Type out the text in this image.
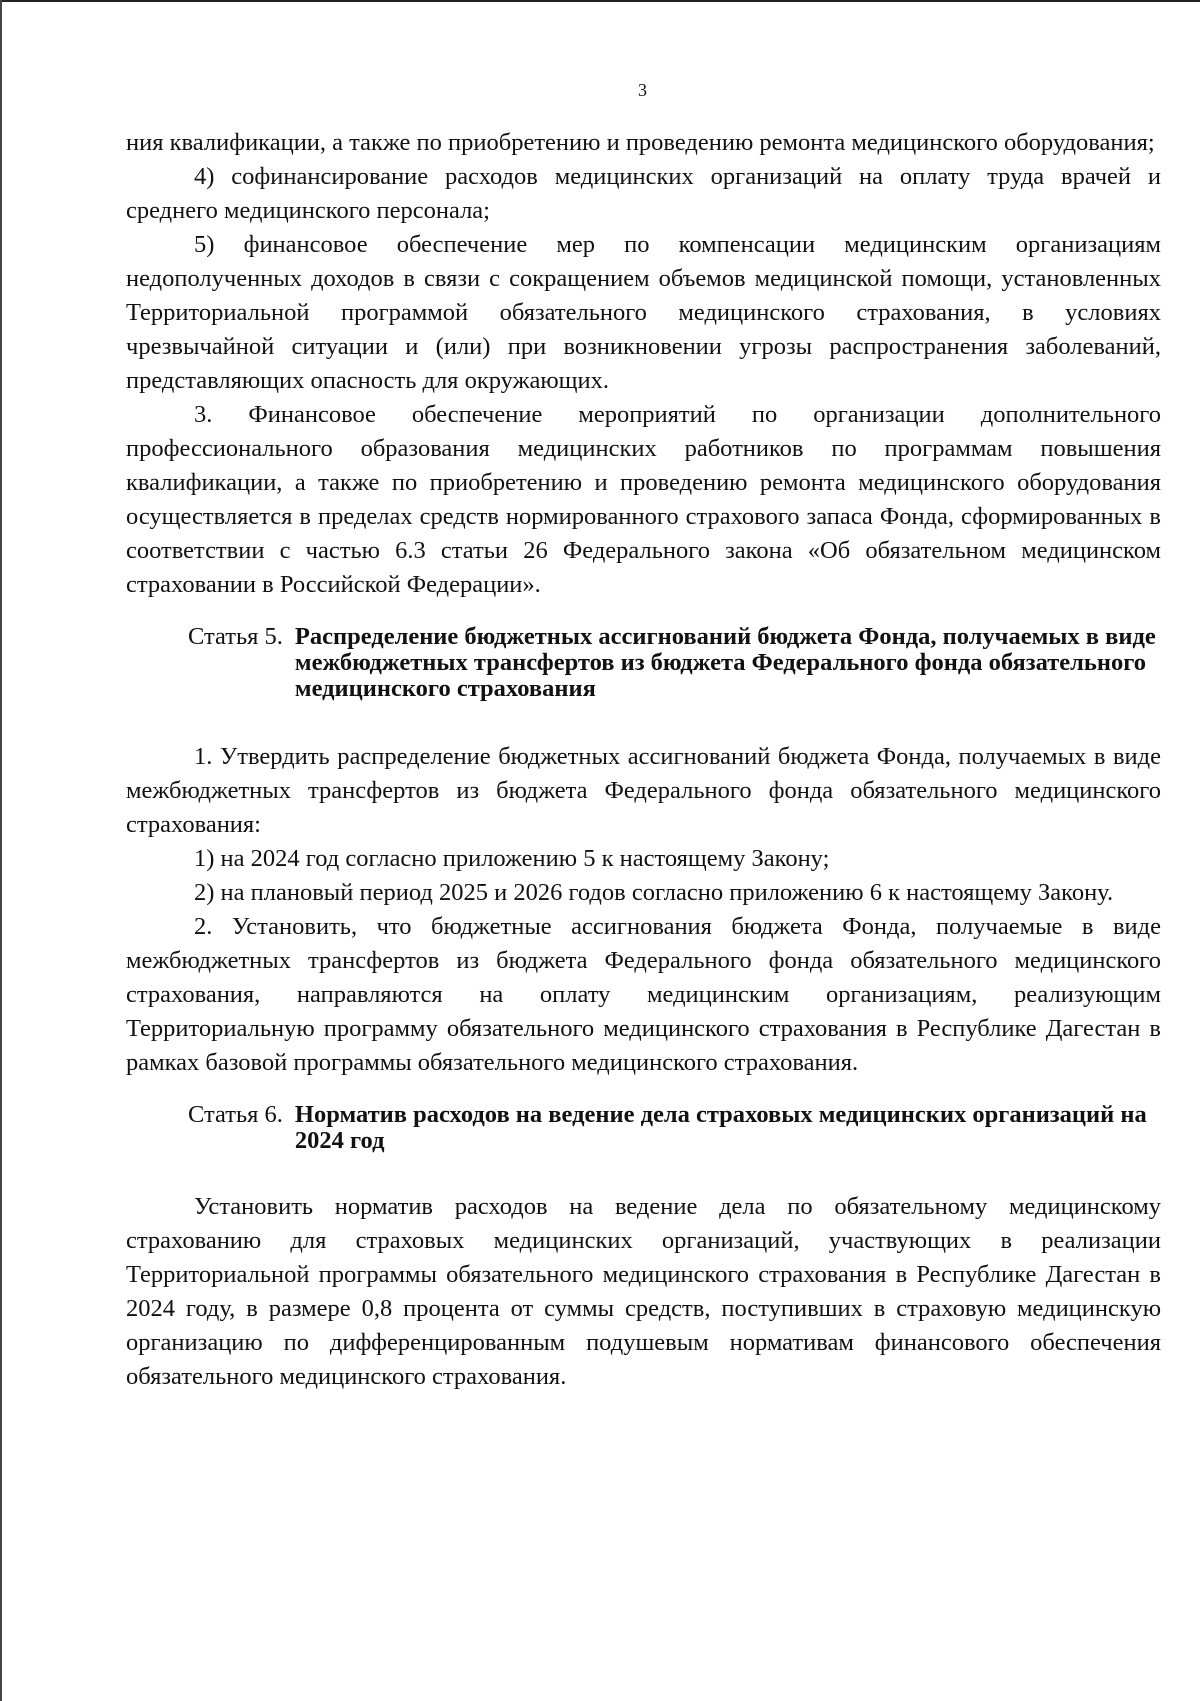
3

ния квалификации, а также по приобретению и проведению ремонта медицинского оборудования;

4) софинансирование расходов медицинских организаций на оплату труда врачей и среднего медицинского персонала;

5) финансовое обеспечение мер по компенсации медицинским организациям недополученных доходов в связи с сокращением объемов медицинской помощи, установленных Территориальной программой обязательного медицинского страхования, в условиях чрезвычайной ситуации и (или) при возникновении угрозы распространения заболеваний, представляющих опасность для окружающих.

3. Финансовое обеспечение мероприятий по организации дополнительного профессионального образования медицинских работников по программам повышения квалификации, а также по приобретению и проведению ремонта медицинского оборудования осуществляется в пределах средств нормированного страхового запаса Фонда, сформированных в соответствии с частью 6.3 статьи 26 Федерального закона «Об обязательном медицинском страховании в Российской Федерации».

Статья 5. Распределение бюджетных ассигнований бюджета Фонда, получаемых в виде межбюджетных трансфертов из бюджета Федерального фонда обязательного медицинского страхования

1. Утвердить распределение бюджетных ассигнований бюджета Фонда, получаемых в виде межбюджетных трансфертов из бюджета Федерального фонда обязательного медицинского страхования:

1) на 2024 год согласно приложению 5 к настоящему Закону;

2) на плановый период 2025 и 2026 годов согласно приложению 6 к настоящему Закону.

2. Установить, что бюджетные ассигнования бюджета Фонда, получаемые в виде межбюджетных трансфертов из бюджета Федерального фонда обязательного медицинского страхования, направляются на оплату медицинским организациям, реализующим Территориальную программу обязательного медицинского страхования в Республике Дагестан в рамках базовой программы обязательного медицинского страхования.

Статья 6. Норматив расходов на ведение дела страховых медицинских организаций на 2024 год

Установить норматив расходов на ведение дела по обязательному медицинскому страхованию для страховых медицинских организаций, участвующих в реализации Территориальной программы обязательного медицинского страхования в Республике Дагестан в 2024 году, в размере 0,8 процента от суммы средств, поступивших в страховую медицинскую организацию по дифференцированным подушевым нормативам финансового обеспечения обязательного медицинского страхования.
